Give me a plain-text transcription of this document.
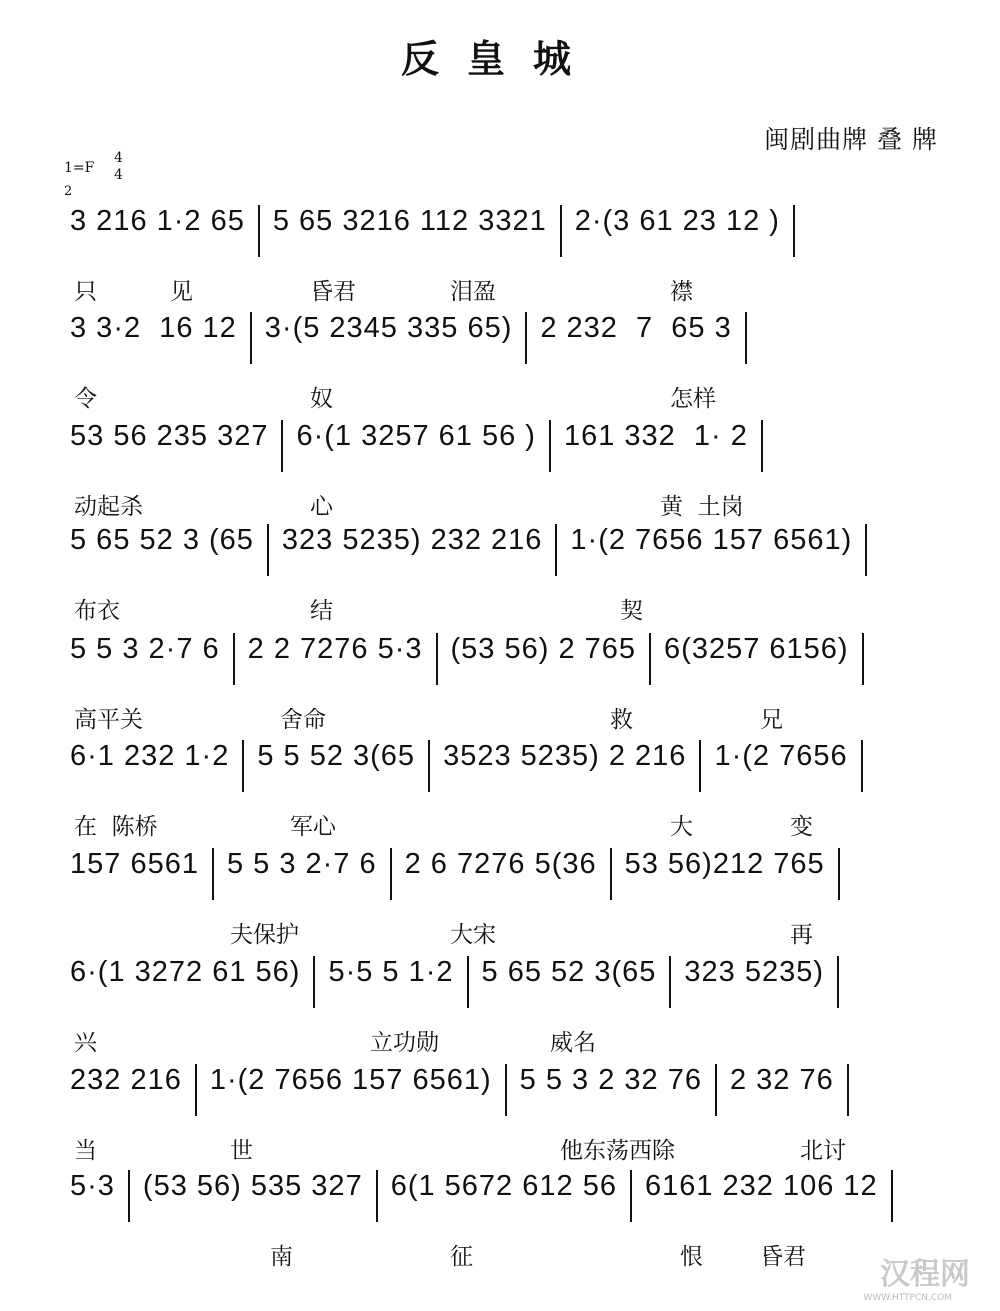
反皇城
闽剧曲牌 叠 牌
1=F
4
4
2
3 216 1·2 65 5 65 3216 112 3321 2·(3 61 23 12 )
只	见	昏君	泪盈	襟
3 3·2  16 12 3·(5 2345 335 65) 2 232  7  65 3
令	奴	怎样
53 56 235 327 6·(1 3257 61 56 ) 161 332  1· 2
动起杀	心	黄  土岗
5 65 52 3 (65 323 5235) 232 216 1·(2 7656 157 6561)
布衣	结	契
5 5 3 2·7 6 2 2 7276 5·3 (53 56) 2 765 6(3257 6156)
高平关	舍命	救	兄
6·1 232 1·2 5 5 52 3(65 3523 5235) 2 216 1·(2 7656
在  陈桥	军心	大	变
157 6561 5 5 3 2·7 6 2 6 7276 5(36 53 56)212 765
夫保护	大宋	再
6·(1 3272 61 56) 5·5 5 1·2 5 65 52 3(65 323 5235)
兴	立功勋	威名
232 216 1·(2 7656 157 6561) 5 5 3 2 32 76 2 32 76
当	世	他东荡西除	北讨
5·3 (53 56) 535 327 6(1 5672 612 56 6161 232 106 12
南	征	恨 昏君 汉程网
WWW.HTTPCN.COM
